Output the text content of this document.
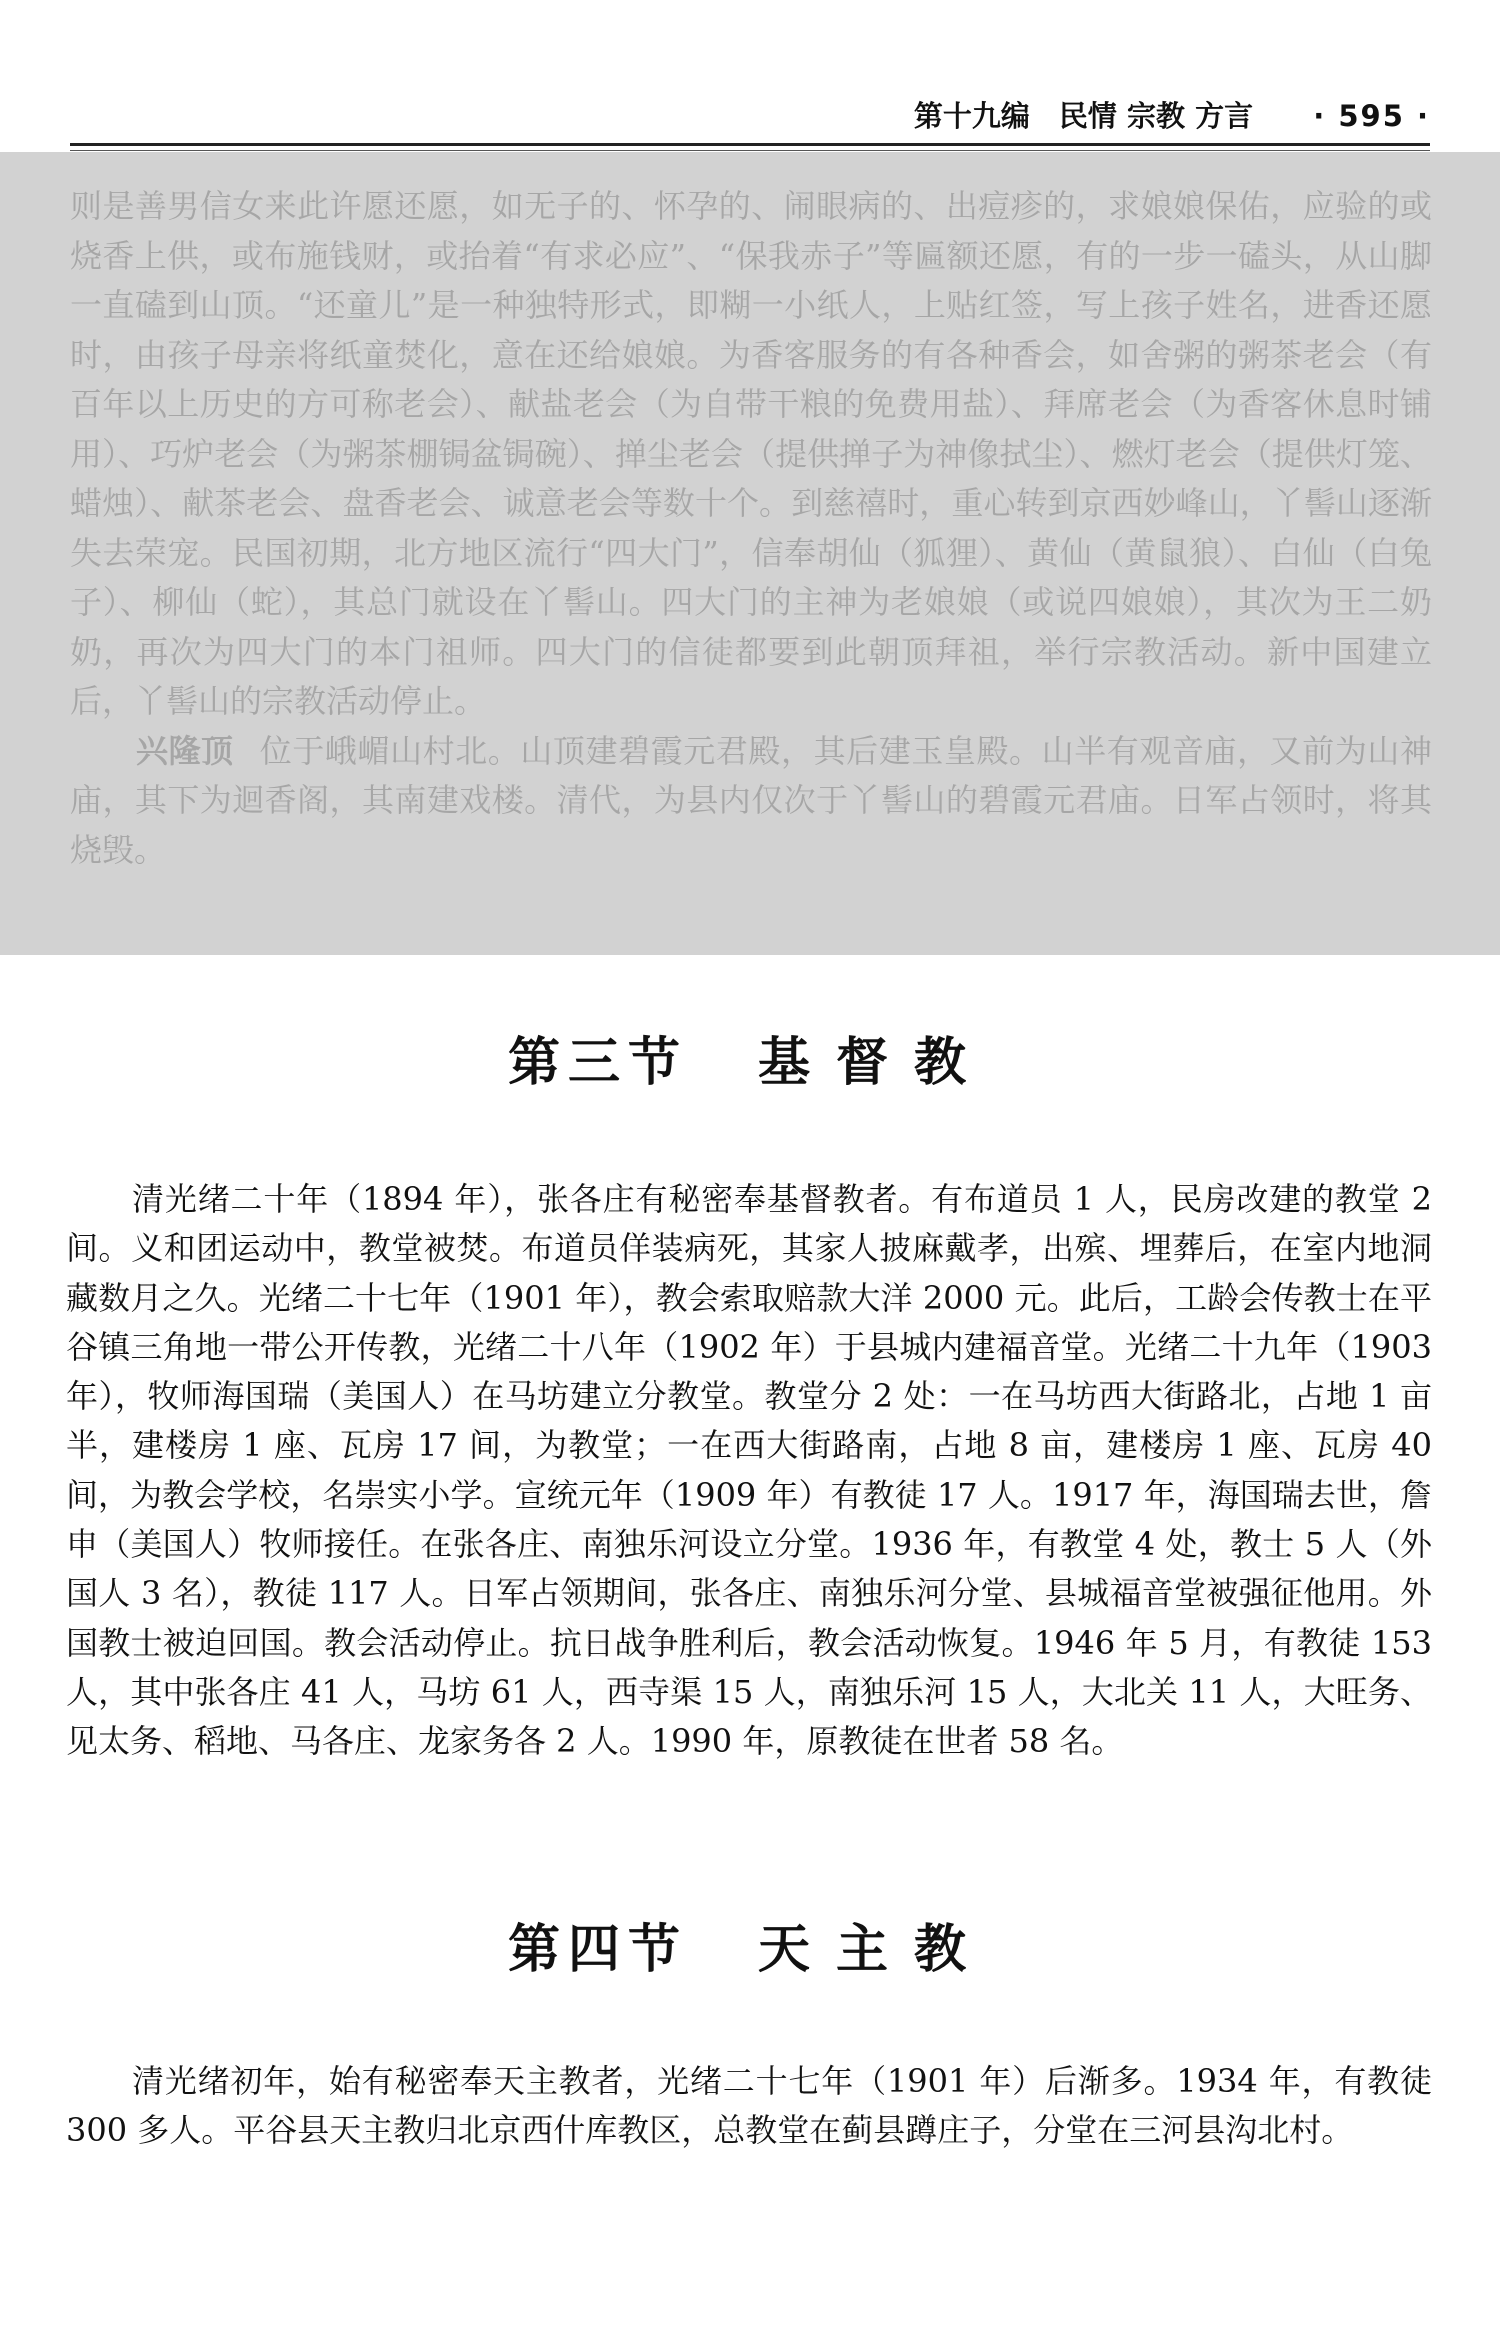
第十九编　民情 宗教 方言 · 595 ·

则是善男信女来此许愿还愿，如无子的、怀孕的、闹眼病的、出痘疹的，求娘娘保佑，应验的或烧香上供，或布施钱财，或抬着“有求必应”、“保我赤子”等匾额还愿，有的一步一磕头，从山脚一直磕到山顶。“还童儿”是一种独特形式，即糊一小纸人，上贴红签，写上孩子姓名，进香还愿时，由孩子母亲将纸童焚化，意在还给娘娘。为香客服务的有各种香会，如舍粥的粥茶老会（有百年以上历史的方可称老会）、献盐老会（为自带干粮的免费用盐）、拜席老会（为香客休息时铺用）、巧炉老会（为粥茶棚锔盆锔碗）、掸尘老会（提供掸子为神像拭尘）、燃灯老会（提供灯笼、蜡烛）、献茶老会、盘香老会、诚意老会等数十个。到慈禧时，重心转到京西妙峰山，丫髻山逐渐失去荣宠。民国初期，北方地区流行“四大门”，信奉胡仙（狐狸）、黄仙（黄鼠狼）、白仙（白兔子）、柳仙（蛇），其总门就设在丫髻山。四大门的主神为老娘娘（或说四娘娘），其次为王二奶奶，再次为四大门的本门祖师。四大门的信徒都要到此朝顶拜祖，举行宗教活动。新中国建立后，丫髻山的宗教活动停止。

兴隆顶 位于峨嵋山村北。山顶建碧霞元君殿，其后建玉皇殿。山半有观音庙，又前为山神庙，其下为迴香阁，其南建戏楼。清代，为县内仅次于丫髻山的碧霞元君庙。日军占领时，将其烧毁。

第三节 基督教

清光绪二十年（1894 年），张各庄有秘密奉基督教者。有布道员 1 人，民房改建的教堂 2 间。义和团运动中，教堂被焚。布道员佯装病死，其家人披麻戴孝，出殡、埋葬后，在室内地洞藏数月之久。光绪二十七年（1901 年），教会索取赔款大洋 2000 元。此后，工龄会传教士在平谷镇三角地一带公开传教，光绪二十八年（1902 年）于县城内建福音堂。光绪二十九年（1903 年），牧师海国瑞（美国人）在马坊建立分教堂。教堂分 2 处：一在马坊西大街路北，占地 1 亩半，建楼房 1 座、瓦房 17 间，为教堂；一在西大街路南，占地 8 亩，建楼房 1 座、瓦房 40 间，为教会学校，名崇实小学。宣统元年（1909 年）有教徒 17 人。1917 年，海国瑞去世，詹申（美国人）牧师接任。在张各庄、南独乐河设立分堂。1936 年，有教堂 4 处，教士 5 人（外国人 3 名），教徒 117 人。日军占领期间，张各庄、南独乐河分堂、县城福音堂被强征他用。外国教士被迫回国。教会活动停止。抗日战争胜利后，教会活动恢复。1946 年 5 月，有教徒 153 人，其中张各庄 41 人，马坊 61 人，西寺渠 15 人，南独乐河 15 人，大北关 11 人，大旺务、见太务、稻地、马各庄、龙家务各 2 人。1990 年，原教徒在世者 58 名。

第四节 天主教

清光绪初年，始有秘密奉天主教者，光绪二十七年（1901 年）后渐多。1934 年，有教徒 300 多人。平谷县天主教归北京西什库教区，总教堂在蓟县蹲庄子，分堂在三河县沟北村。
